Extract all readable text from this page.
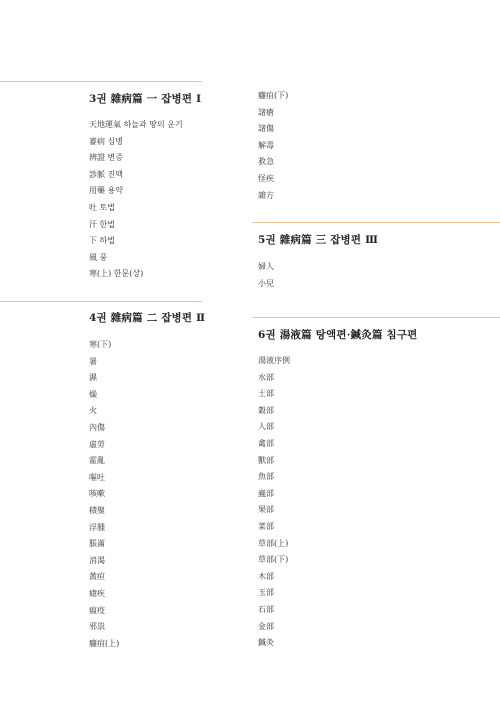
3권 雜病篇 一 잡병편 Ⅰ
天地運氣 하늘과 땅의 운기
審病 심병
辨證 변증
診脈 진맥
用藥 용약
吐 토법
汗 한법
下 하법
風 풍
寒(上) 한문(상)
4권 雜病篇 二 잡병편 Ⅱ
寒(下)
暑
濕
燥
火
內傷
虛勞
霍亂
嘔吐
咳嗽
積聚
浮腫
脹滿
消渴
黃疸
瘧疾
瘟疫
邪祟
癰疽(上)
癰疽(下)
諸瘡
諸傷
解毒
救急
怪疾
雜方
5권 雜病篇 三 잡병편 Ⅲ
婦人
小兒
6권 湯液篇 탕액편·鍼灸篇 침구편
湯液序例
水部
土部
穀部
人部
禽部
獸部
魚部
蟲部
果部
菜部
草部(上)
草部(下)
木部
玉部
石部
金部
鍼灸
